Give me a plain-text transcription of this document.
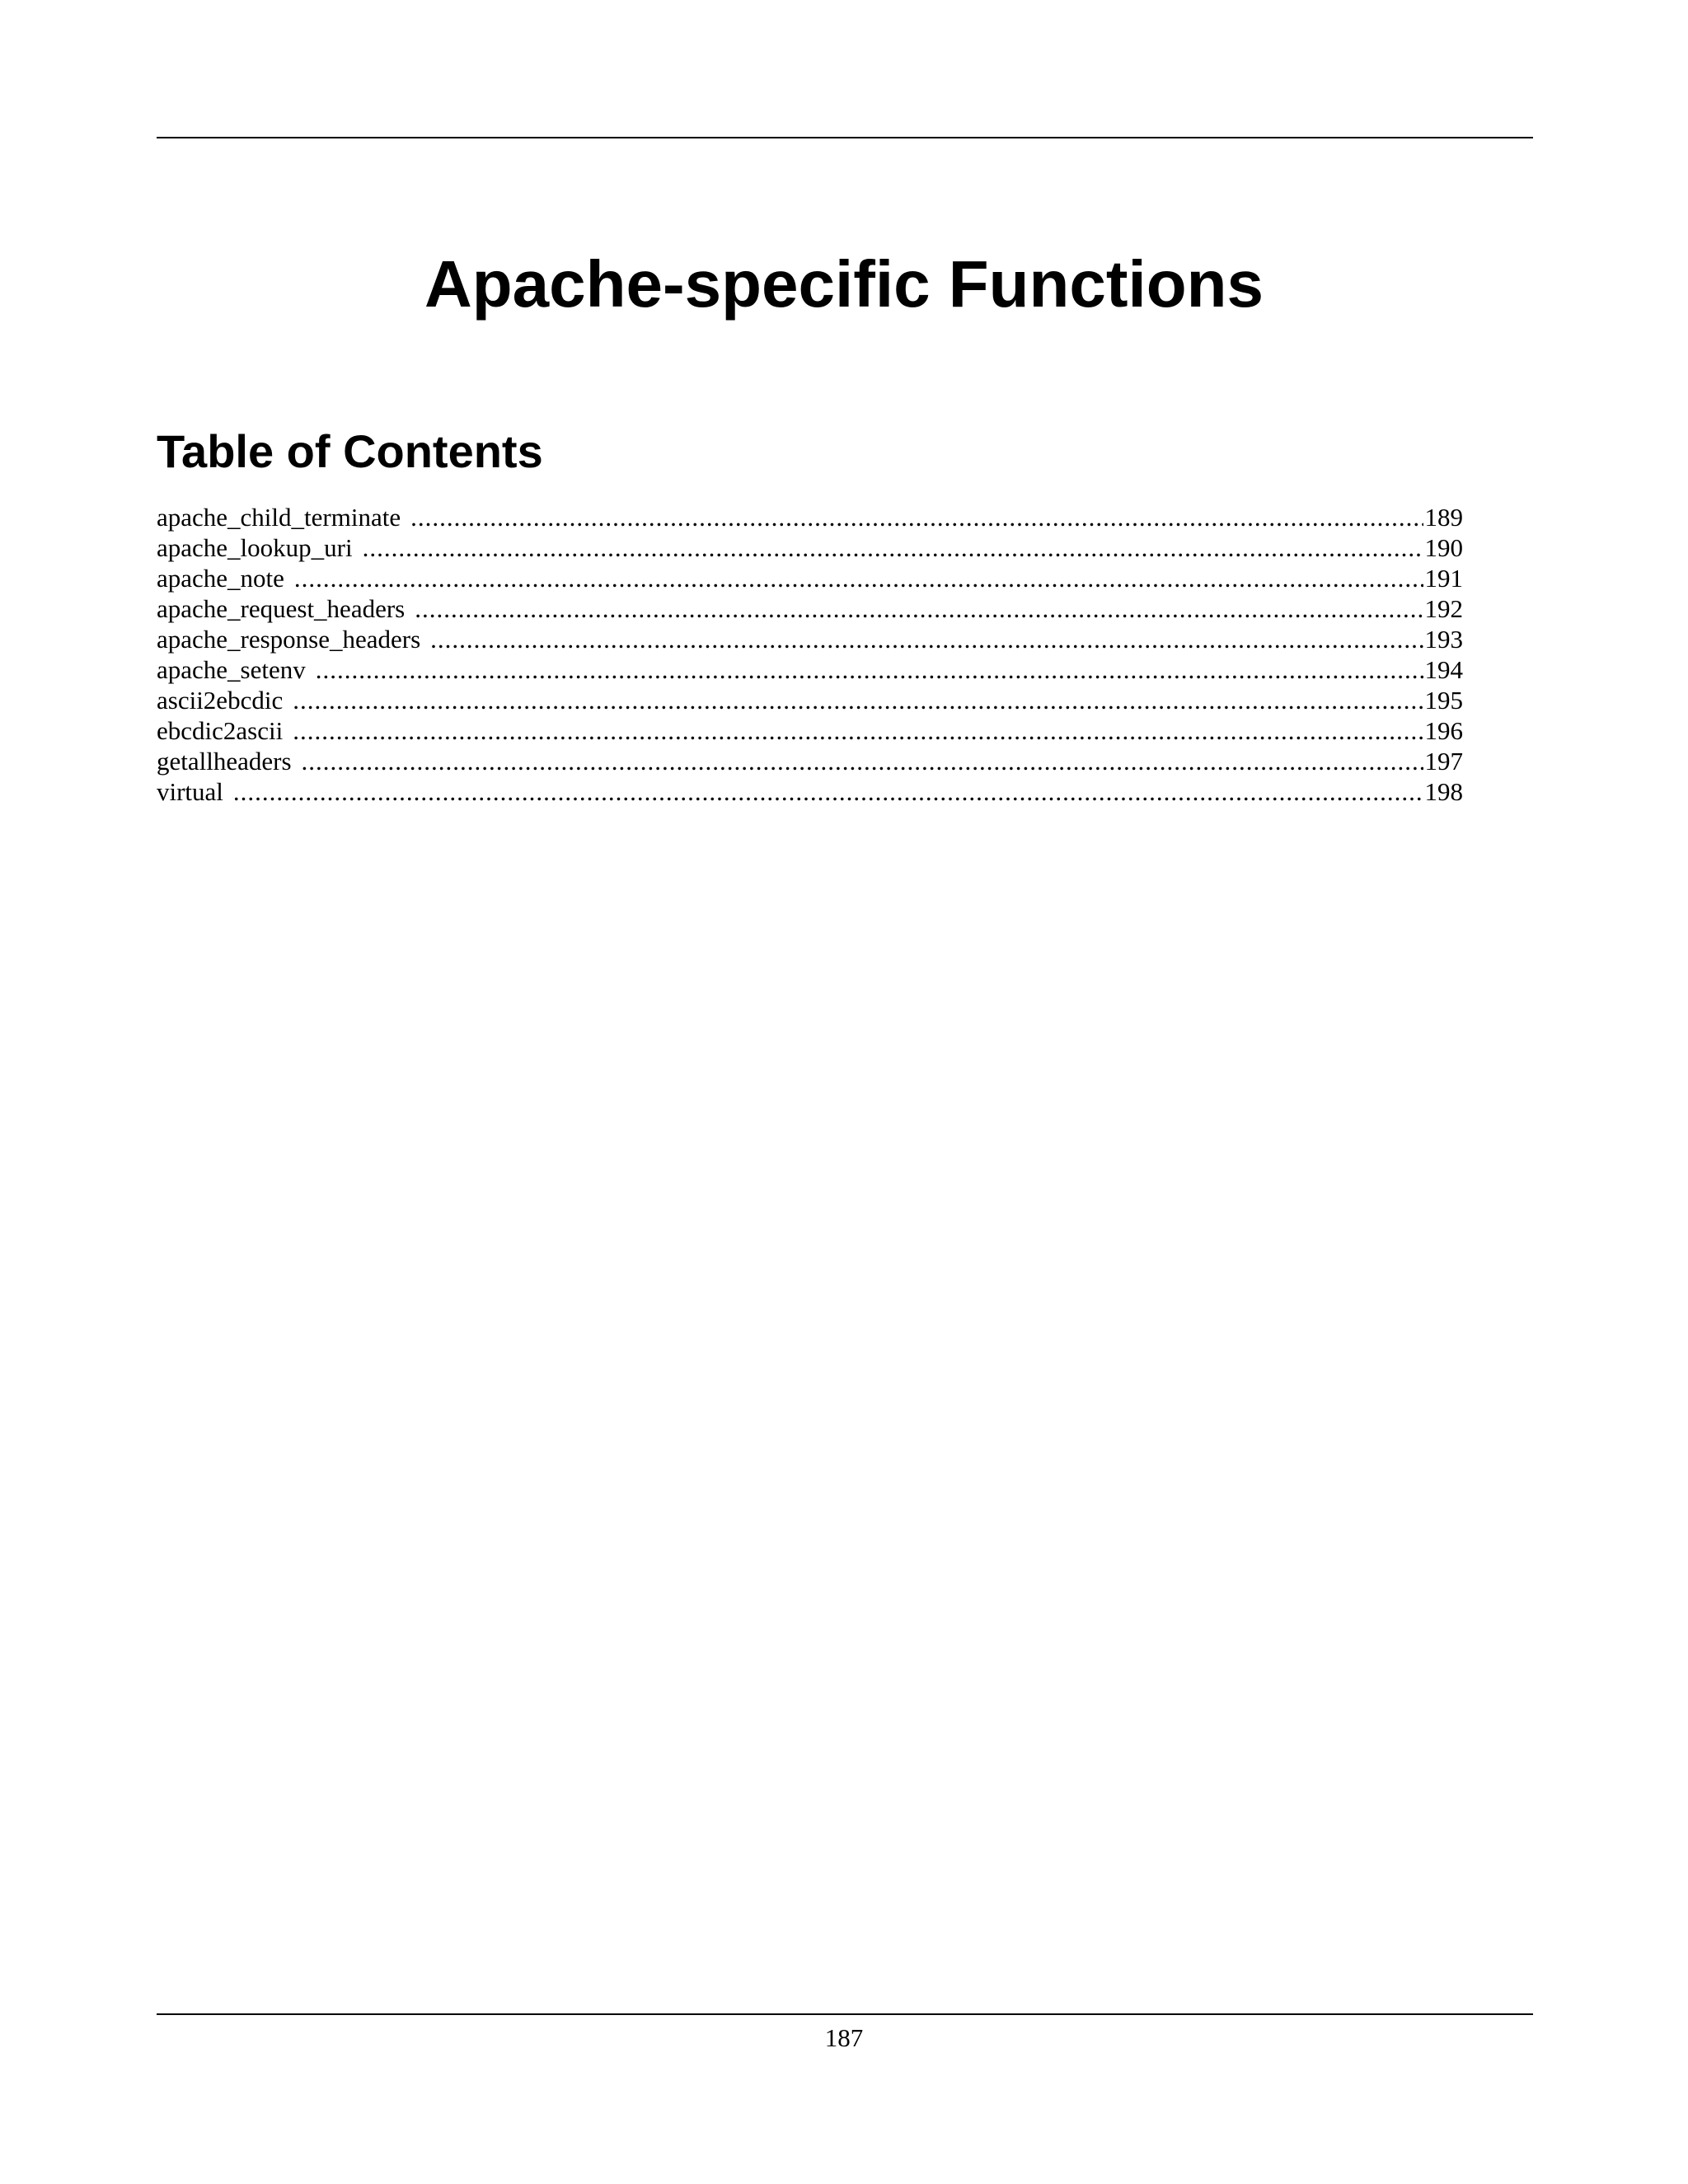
Apache-specific Functions
Table of Contents
apache_child_terminate .....	189
apache_lookup_uri .....	190
apache_note .....	191
apache_request_headers .....	192
apache_response_headers .....	193
apache_setenv .....	194
ascii2ebcdic .....	195
ebcdic2ascii .....	196
getallheaders .....	197
virtual .....	198
187
